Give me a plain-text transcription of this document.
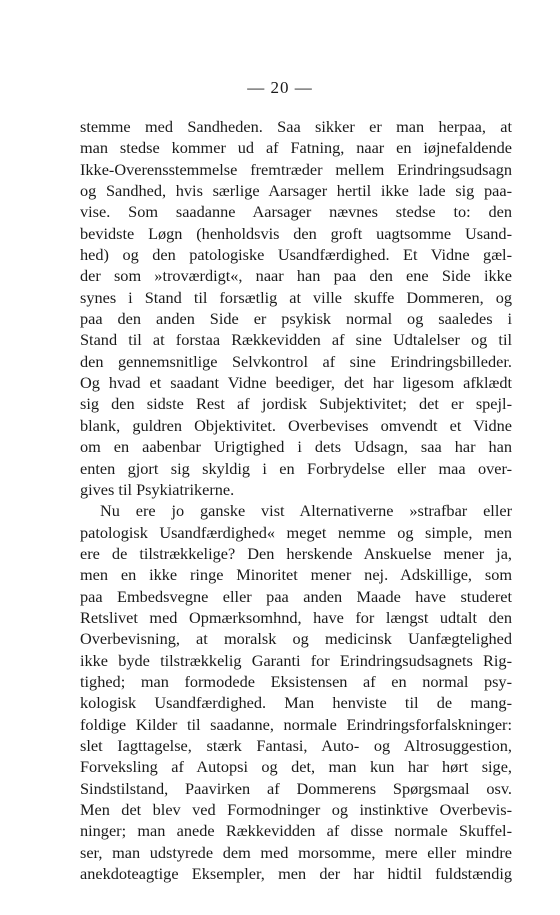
— 20 —
stemme med Sandheden. Saa sikker er man herpaa, at
man stedse kommer ud af Fatning, naar en iøjnefaldende
Ikke-Overensstemmelse fremtræder mellem Erindringsudsagn
og Sandhed, hvis særlige Aarsager hertil ikke lade sig paa-
vise. Som saadanne Aarsager nævnes stedse to: den
bevidste Løgn (henholdsvis den groft uagtsomme Usand-
hed) og den patologiske Usandfærdighed. Et Vidne gæl-
der som »troværdigt«, naar han paa den ene Side ikke
synes i Stand til forsætlig at ville skuffe Dommeren, og
paa den anden Side er psykisk normal og saaledes i
Stand til at forstaa Rækkevidden af sine Udtalelser og til
den gennemsnitlige Selvkontrol af sine Erindringsbilleder.
Og hvad et saadant Vidne beediger, det har ligesom afklædt
sig den sidste Rest af jordisk Subjektivitet; det er spejl-
blank, guldren Objektivitet. Overbevises omvendt et Vidne
om en aabenbar Urigtighed i dets Udsagn, saa har han
enten gjort sig skyldig i en Forbrydelse eller maa over-
gives til Psykiatrikerne.
Nu ere jo ganske vist Alternativerne »strafbar eller
patologisk Usandfærdighed« meget nemme og simple, men
ere de tilstrækkelige? Den herskende Anskuelse mener ja,
men en ikke ringe Minoritet mener nej. Adskillige, som
paa Embedsvegne eller paa anden Maade have studeret
Retslivet med Opmærksomhnd, have for længst udtalt den
Overbevisning, at moralsk og medicinsk Uanfægtelighed
ikke byde tilstrækkelig Garanti for Erindringsudsagnets Rig-
tighed; man formodede Eksistensen af en normal psy-
kologisk Usandfærdighed. Man henviste til de mang-
foldige Kilder til saadanne, normale Erindringsforfalskninger:
slet Iagttagelse, stærk Fantasi, Auto- og Altrosuggestion,
Forveksling af Autopsi og det, man kun har hørt sige,
Sindstilstand, Paavirken af Dommerens Spørgsmaal osv.
Men det blev ved Formodninger og instinktive Overbevis-
ninger; man anede Rækkevidden af disse normale Skuffel-
ser, man udstyrede dem med morsomme, mere eller mindre
anekdoteagtige Eksempler, men der har hidtil fuldstændig
